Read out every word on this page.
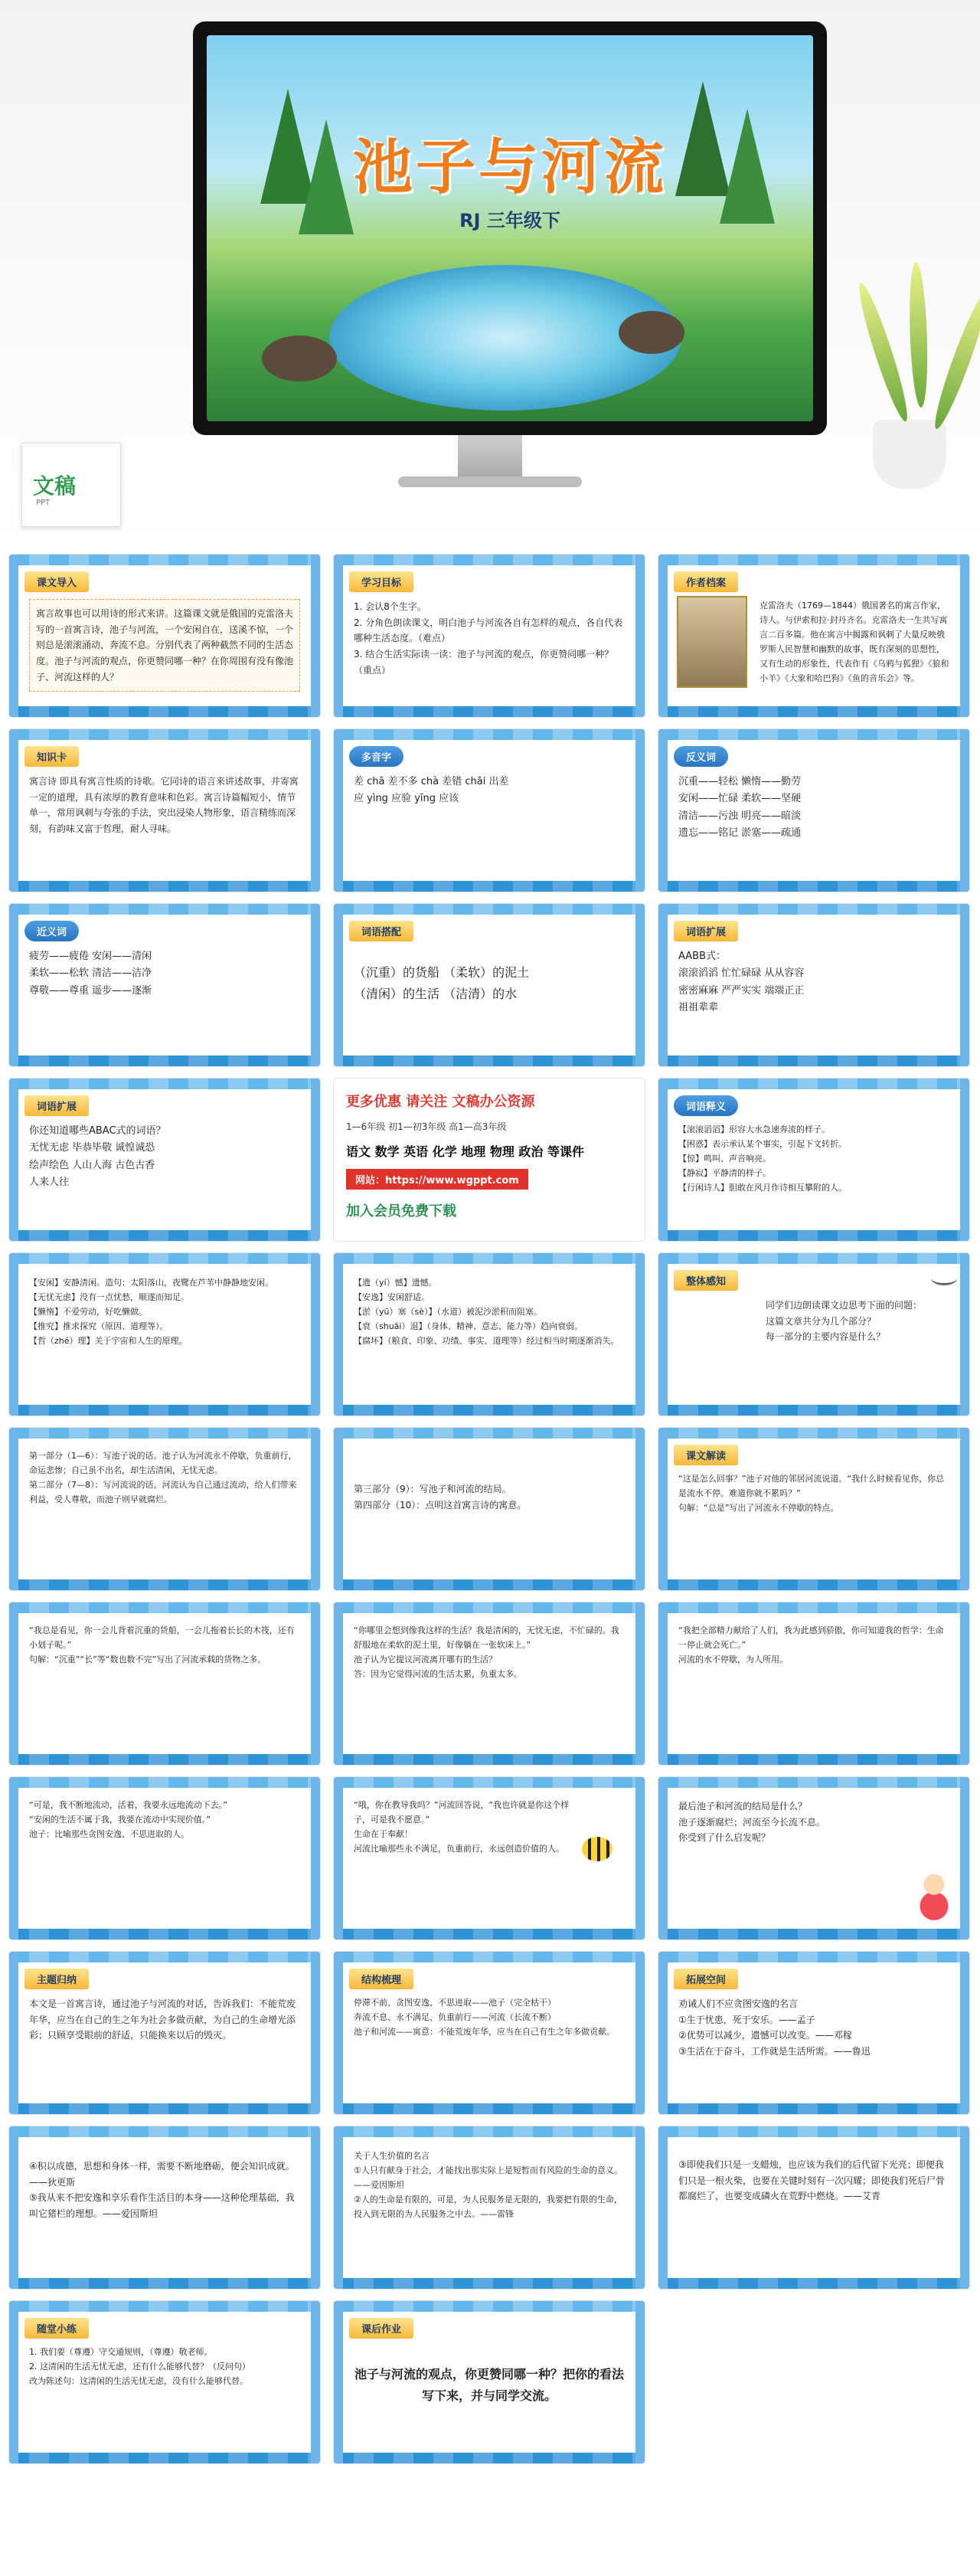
文稿
PPT
池子与河流
RJ 三年级下
课文导入
寓言故事也可以用诗的形式来讲。这篇课文就是俄国的克雷洛夫写的一首寓言诗，池子与河流，一个安闲自在，送溪不惊，一个则总是滚滚涌动，奔流不息。分别代表了两种截然不同的生活态度。池子与河流的观点，你更赞同哪一种？在你周围有没有像池子、河流这样的人？
学习目标
1. 会认8个生字。
2. 分角色朗读课文，明白池子与河流各自有怎样的观点，各自代表哪种生活态度。（难点）
3. 结合生活实际读一读：池子与河流的观点，你更赞同哪一种？（重点）
作者档案
克雷洛夫（1769—1844）俄国著名的寓言作家，诗人。与伊索和拉·封丹齐名。克雷洛夫一生共写寓言二百多篇。他在寓言中揭露和讽刺了大量反映俄罗斯人民智慧和幽默的故事，既有深刻的思想性，又有生动的形象性，代表作有《乌鸦与狐狸》《狼和小羊》《大象和哈巴狗》《鱼的音乐会》等。
知识卡
寓言诗 即具有寓言性质的诗歌。它同诗的语言来讲述故事，并寄寓一定的道理，具有浓厚的教育意味和色彩。寓言诗篇幅短小，情节单一，常用讽刺与夸张的手法，突出浸染人物形象，语言精练而深刻，有韵味又富于哲理，耐人寻味。
多音字
差 chā 差不多 chà 差错 chāi 出差
应 yìng 应验 yīng 应该
反义词
沉重——轻松 懒惰——勤劳
安闲——忙碌 柔软——坚硬
清洁——污浊 明亮——暗淡
遗忘——铭记 淤塞——疏通
近义词
疲劳——疲倦 安闲——清闲
柔软——松软 清洁——洁净
尊敬——尊重 遥步——逐渐
词语搭配
（沉重）的货船 （柔软）的泥土
（清闲）的生活 （洁清）的水
词语扩展
AABB式：
滚滚滔滔 忙忙碌碌 从从容容
密密麻麻 严严实实 端端正正
祖祖辈辈
词语扩展
你还知道哪些ABAC式的词语？
无忧无虑 毕恭毕敬 诚惶诚恐
绘声绘色 人山人海 古色古香
人来人往
更多优惠 请关注 文稿办公资源
1—6年级 初1—初3年级 高1—高3年级
语文 数学 英语 化学 地理 物理 政治 等课件
网站：https://www.wgppt.com
加入会员免费下载
词语释义
【滚滚滔滔】形容大水急速奔流的样子。
【困惑】表示承认某个事实，引起下文转折。
【惊】鸣叫、声音响亮。
【静寂】平静清的样子。
【行闲诗人】胆敢在风月作诗相互攀附的人。
【安闲】安静清闲。造句：太阳落山，夜鹭在芦苇中静静地安闲。
【无忧无虑】没有一点忧愁，顺遂而知足。
【懒惰】不爱劳动，好吃懒做。
【推究】推求探究（原因、道理等）。
【哲（zhé）理】关于宇宙和人生的原理。
【遗（yí）憾】遗憾。
【安逸】安闲舒适。
【淤（yū）塞（sè）】（水道）被泥沙淤积而阻塞。
【衰（shuāi）退】（身体、精神、意志、能力等）趋向衰弱。
【腐坏】（粮食、印象、功绩、事实、道理等）经过相当时期逐渐消失。
整体感知
同学们边朗读课文边思考下面的问题：
这篇文章共分为几个部分？
每一部分的主要内容是什么？
第一部分（1—6）：写池子说的话。池子认为河流永不停歇，负重前行，命运悲惨；自己虽不出名，却生活清闲，无忧无虑。
第二部分（7—8）：写河流说的话。河流认为自己通过流动，给人们带来利益，受人尊敬，而池子则早就腐烂。
第三部分（9）：写池子和河流的结局。
第四部分（10）：点明这首寓言诗的寓意。
课文解读
“这是怎么回事？”池子对他的邻居河流说道。“我什么时候看见你，你总是流水不停。难道你就不累吗？”
句解：“总是”写出了河流永不停歇的特点。
“我总是看见，你一会儿背着沉重的货船，一会儿拖着长长的木筏，还有小划子呢。”
句解：“沉重”“长”等“数也数不完”写出了河流承载的货物之多。
“你哪里会想到像我这样的生活？我是清闲的，无忧无虑，不忙碌的。我舒服地在柔软的泥土里，好像躺在一张软床上。”
池子认为它提议河流离开哪有的生活？
答：因为它觉得河流的生活太累，负重太多。
“我把全部精力献给了人们，我为此感到骄傲，你可知道我的哲学：生命一停止就会死亡。”
河流的水不停歇，为人所用。
“可是，我不断地流动，活着，我要永远地流动下去。”
“安闲的生活不属于我，我要在流动中实现价值。”
池子：比喻那些贪图安逸、不思进取的人。
“哦，你在教导我吗？”河流回答说，“我也许就是你这个样子，可是我不愿意。”
生命在于奉献！
河流比喻那些永不满足，负重前行，永远创造价值的人。
最后池子和河流的结局是什么？
池子逐渐腐烂；河流至今长流不息。
你受到了什么启发呢？
主题归纳
本文是一首寓言诗，通过池子与河流的对话，告诉我们：不能荒废年华，应当在自己的生之年为社会多做贡献，为自己的生命增光添彩；只顾享受眼前的舒适，只能换来以后的毁灭。
结构梳理
停滞不前、贪图安逸、不思进取——池子（完全枯干）
奔流不息、永不满足、负重前行——河流（长流不断）
池子和河流——寓意：不能荒废年华，应当在自己有生之年多做贡献。
拓展空间
劝诫人们不应贪图安逸的名言
①生于忧患，死于安乐。——孟子
②优势可以减少，遗憾可以改变。——邓稼
③生活在于奋斗，工作就是生活所需。——鲁迅
④积以成德，思想和身体一样，需要不断地磨砺，便会知识成就。——狄更斯
⑤我从来不把安逸和享乐看作生活目的本身——这种伦理基础，我叫它猪栏的理想。——爱因斯坦
关于人生价值的名言
①人只有献身于社会，才能找出那实际上是短暂而有风险的生命的意义。——爱因斯坦
②人的生命是有限的，可是，为人民服务是无限的，我要把有限的生命，投入到无限的为人民服务之中去。——雷锋
③即使我们只是一支蜡烛，也应该为我们的后代留下光亮；即便我们只是一根火柴，也要在关键时刻有一次闪耀；即使我们死后尸骨都腐烂了，也要变成磷火在荒野中燃烧。——艾青
随堂小练
1. 我们要（尊遵）守交通规则，（尊遵）敬老师。
2. 这清闲的生活无忧无虑，还有什么能够代替？（反问句）
改为陈述句：这清闲的生活无忧无虑，没有什么能够代替。
课后作业
池子与河流的观点，你更赞同哪一种？把你的看法写下来，并与同学交流。
